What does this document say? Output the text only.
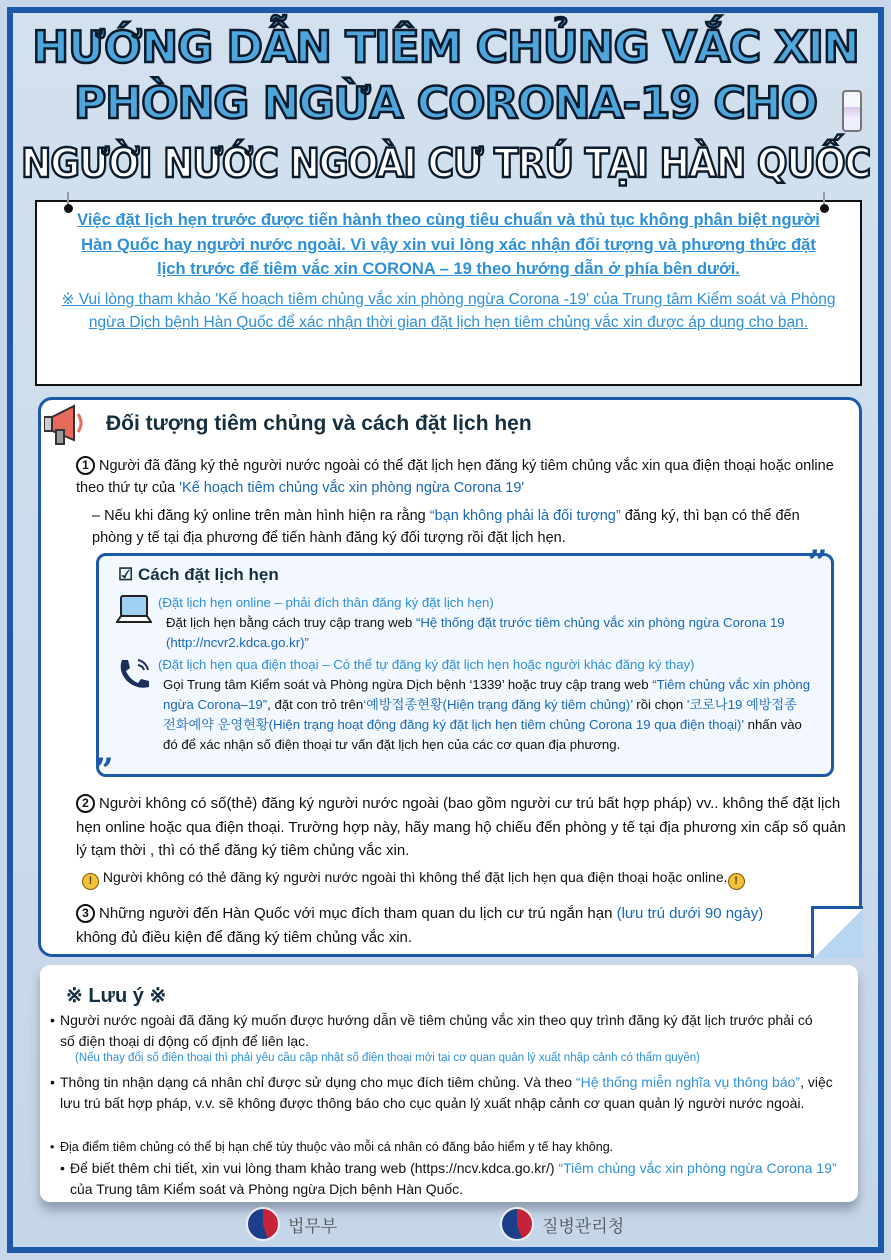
HƯỚNG DẪN TIÊM CHỦNG VẮC XIN
PHÒNG NGỪA CORONA-19 CHO
NGƯỜI NƯỚC NGOÀI CƯ TRÚ TẠI HÀN QUỐC
Việc đặt lịch hẹn trước được tiến hành theo cùng tiêu chuẩn và thủ tục không phân biệt người Hàn Quốc hay người nước ngoài. Vì vậy xin vui lòng xác nhận đối tượng và phương thức đặt lịch trước để tiêm vắc xin CORONA – 19 theo hướng dẫn ở phía bên dưới.
※ Vui lòng tham khảo 'Kế hoạch tiêm chủng vắc xin phòng ngừa Corona -19' của Trung tâm Kiểm soát và Phòng ngừa Dịch bệnh Hàn Quốc để xác nhận thời gian đặt lịch hẹn tiêm chủng vắc xin được áp dụng cho bạn.
Đối tượng tiêm chủng và cách đặt lịch hẹn
1 Người đã đăng ký thẻ người nước ngoài có thể đặt lịch hẹn đăng ký tiêm chủng vắc xin qua điện thoại hoặc online theo thứ tự của 'Kế hoạch tiêm chủng vắc xin phòng ngừa Corona 19'
– Nếu khi đăng ký online trên màn hình hiện ra rằng “bạn không phải là đối tượng” đăng ký, thì bạn có thể đến phòng y tế tại địa phương để tiến hành đăng ký đối tượng rồi đặt lịch hẹn.
”
”
☑ Cách đặt lịch hẹn
(Đặt lịch hẹn online – phải đích thân đăng ký đặt lịch hẹn)
Đặt lịch hẹn bằng cách truy cập trang web “Hệ thống đặt trước tiêm chủng vắc xin phòng ngừa Corona 19 (http://ncvr2.kdca.go.kr)”
(Đặt lịch hẹn qua điện thoại – Có thể tự đăng ký đặt lịch hẹn hoặc người khác đăng ký thay)
Gọi Trung tâm Kiểm soát và Phòng ngừa Dịch bệnh ‘1339’ hoặc truy cập trang web “Tiêm chủng vắc xin phòng ngừa Corona–19”, đặt con trỏ trên‘예방접종현황(Hiện trạng đăng ký tiêm chủng)’ rồi chọn '코로나19 예방접종 전화예약 운영현황(Hiện trạng hoạt động đăng ký đặt lịch hẹn tiêm chủng Corona 19 qua điện thoại)' nhấn vào đó để xác nhận số điện thoại tư vấn đặt lịch hẹn của các cơ quan địa phương.
2 Người không có số(thẻ) đăng ký người nước ngoài (bao gồm người cư trú bất hợp pháp) vv.. không thể đặt lịch hẹn online hoặc qua điện thoại. Trường hợp này, hãy mang hộ chiếu đến phòng y tế tại địa phương xin cấp số quản lý tạm thời , thì có thể đăng ký tiêm chủng vắc xin.
! Người không có thẻ đăng ký người nước ngoài thì không thể đặt lịch hẹn qua điện thoại hoặc online. !
3 Những người đến Hàn Quốc với mục đích tham quan du lịch cư trú ngắn hạn (lưu trú dưới 90 ngày) không đủ điều kiện để đăng ký tiêm chủng vắc xin.
※ Lưu ý ※
• Người nước ngoài đã đăng ký muốn được hướng dẫn về tiêm chủng vắc xin theo quy trình đăng ký đặt lịch trước phải có số điện thoại di động cố định để liên lạc.
(Nếu thay đổi số điện thoại thì phải yêu cầu cập nhật số điện thoại mới tại cơ quan quản lý xuất nhập cảnh có thẩm quyền)
• Thông tin nhận dạng cá nhân chỉ được sử dụng cho mục đích tiêm chủng. Và theo “Hệ thống miễn nghĩa vụ thông báo”, việc lưu trú bất hợp pháp, v.v. sẽ không được thông báo cho cục quản lý xuất nhập cảnh cơ quan quản lý người nước ngoài.
• Địa điểm tiêm chủng có thể bị hạn chế tùy thuộc vào mỗi cá nhân có đăng bảo hiểm y tế hay không.
• Để biết thêm chi tiết, xin vui lòng tham khảo trang web (https://ncv.kdca.go.kr/) “Tiêm chủng vắc xin phòng ngừa Corona 19” của Trung tâm Kiểm soát và Phòng ngừa Dịch bệnh Hàn Quốc.
법무부	질병관리청
